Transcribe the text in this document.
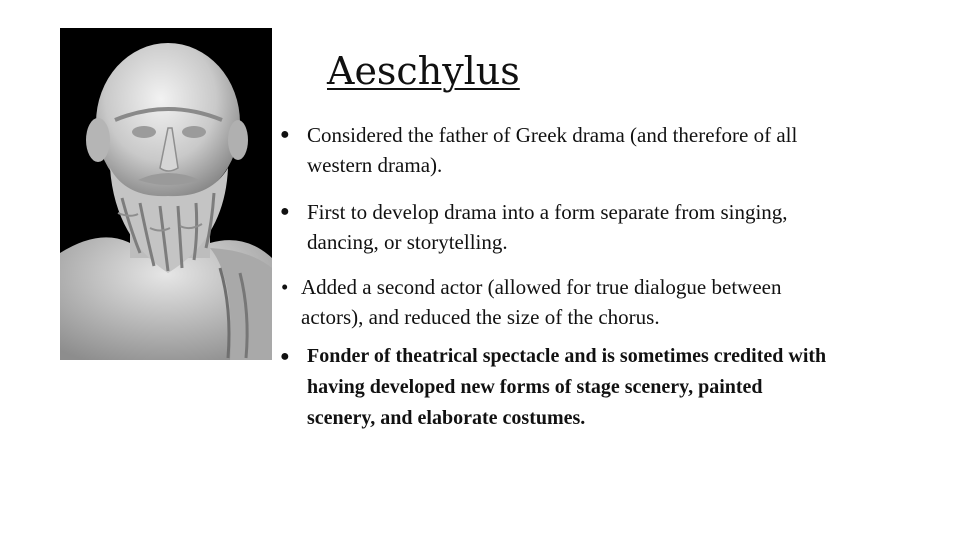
Aeschylus
● Considered the father of Greek drama (and therefore of all
western drama).
● First to develop drama into a form separate from singing,
dancing, or storytelling.
• Added a second actor (allowed for true dialogue between
actors), and reduced the size of the chorus.
● Fonder of theatrical spectacle and is sometimes credited with
having developed new forms of stage scenery, painted
scenery, and elaborate costumes.
